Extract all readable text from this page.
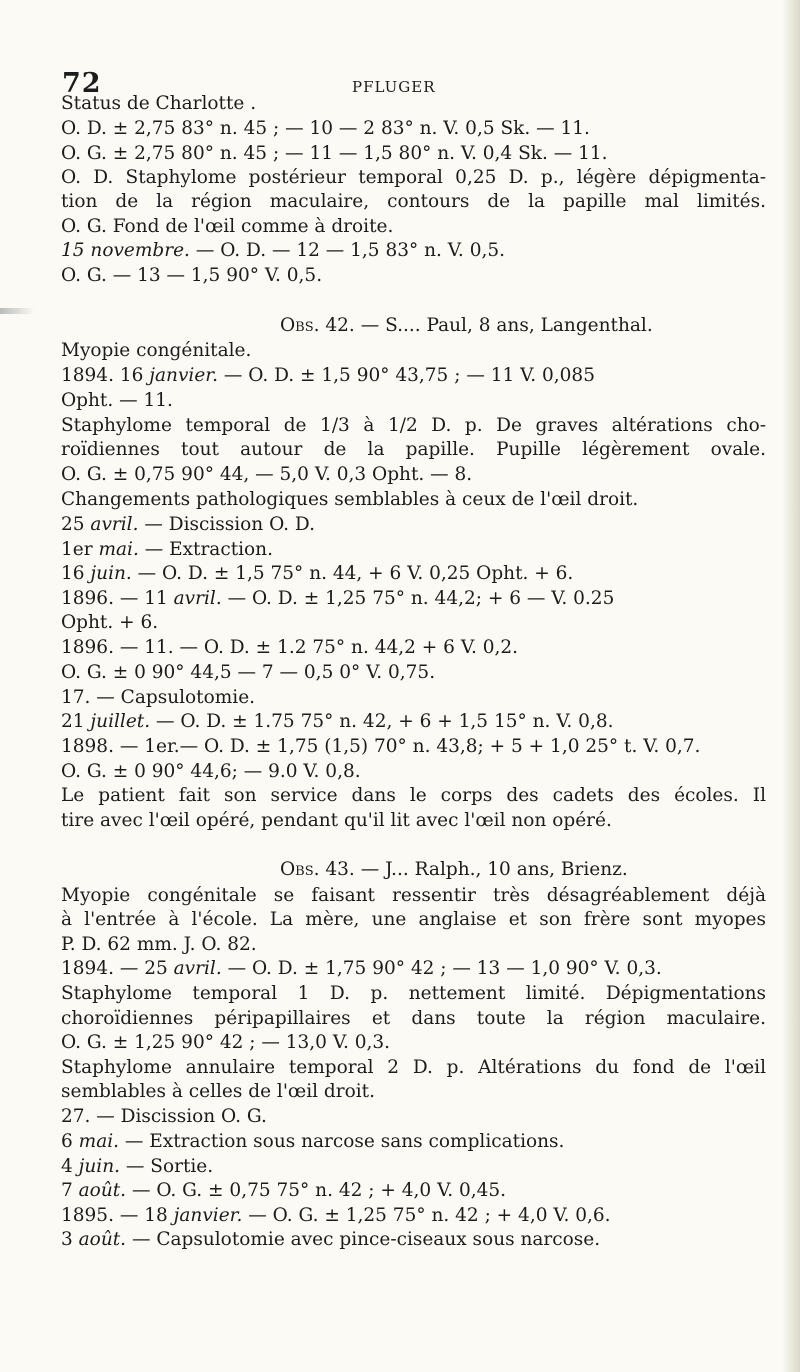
72	PFLUGER
Status de Charlotte .
O. D. ± 2,75 83° n. 45 ; — 10 — 2 83° n. V. 0,5 Sk. — 11.
O. G. ± 2,75 80° n. 45 ; — 11 — 1,5 80° n. V. 0,4 Sk. — 11.
O. D. Staphylome postérieur temporal 0,25 D. p., légère dépigmenta-
tion de la région maculaire, contours de la papille mal limités.
O. G. Fond de l'œil comme à droite.
15 novembre. — O. D. — 12 — 1,5 83° n. V. 0,5.
O. G. — 13 — 1,5 90° V. 0,5.
Obs. 42. — S.... Paul, 8 ans, Langenthal.
Myopie congénitale.
1894. 16 janvier. — O. D. ± 1,5 90° 43,75 ; — 11 V. 0,085
Opht. — 11.
Staphylome temporal de 1/3 à 1/2 D. p. De graves altérations cho-
roïdiennes tout autour de la papille. Pupille légèrement ovale.
O. G. ± 0,75 90° 44, — 5,0 V. 0,3 Opht. — 8.
Changements pathologiques semblables à ceux de l'œil droit.
25 avril. — Discission O. D.
1er mai. — Extraction.
16 juin. — O. D. ± 1,5 75° n. 44, + 6 V. 0,25 Opht. + 6.
1896. — 11 avril. — O. D. ± 1,25 75° n. 44,2; + 6 — V. 0.25
Opht. + 6.
1896. — 11. — O. D. ± 1.2 75° n. 44,2 + 6 V. 0,2.
O. G. ± 0 90° 44,5 — 7 — 0,5 0° V. 0,75.
17. — Capsulotomie.
21 juillet. — O. D. ± 1.75 75° n. 42, + 6 + 1,5 15° n. V. 0,8.
1898. — 1er.— O. D. ± 1,75 (1,5) 70° n. 43,8; + 5 + 1,0 25° t. V. 0,7.
O. G. ± 0 90° 44,6; — 9.0 V. 0,8.
Le patient fait son service dans le corps des cadets des écoles. Il
tire avec l'œil opéré, pendant qu'il lit avec l'œil non opéré.
Obs. 43. — J... Ralph., 10 ans, Brienz.
Myopie congénitale se faisant ressentir très désagréablement déjà
à l'entrée à l'école. La mère, une anglaise et son frère sont myopes
P. D. 62 mm. J. O. 82.
1894. — 25 avril. — O. D. ± 1,75 90° 42 ; — 13 — 1,0 90° V. 0,3.
Staphylome temporal 1 D. p. nettement limité. Dépigmentations
choroïdiennes péripapillaires et dans toute la région maculaire.
O. G. ± 1,25 90° 42 ; — 13,0 V. 0,3.
Staphylome annulaire temporal 2 D. p. Altérations du fond de l'œil
semblables à celles de l'œil droit.
27. — Discission O. G.
6 mai. — Extraction sous narcose sans complications.
4 juin. — Sortie.
7 août. — O. G. ± 0,75 75° n. 42 ; + 4,0 V. 0,45.
1895. — 18 janvier. — O. G. ± 1,25 75° n. 42 ; + 4,0 V. 0,6.
3 août. — Capsulotomie avec pince-ciseaux sous narcose.
